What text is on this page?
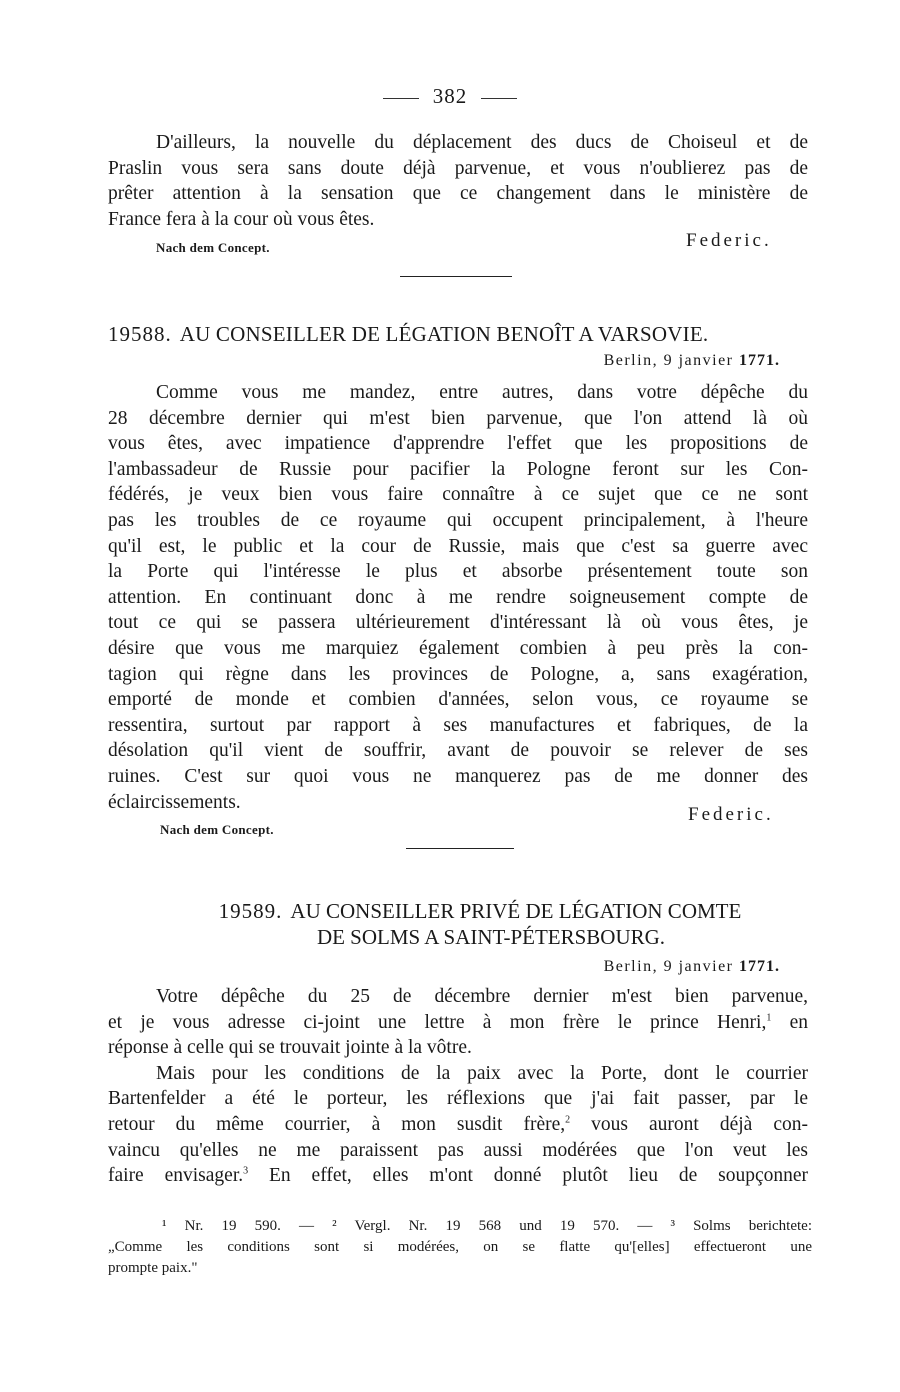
382
D'ailleurs, la nouvelle du déplacement des ducs de Choiseul et de
Praslin vous sera sans doute déjà parvenue, et vous n'oublierez pas de
prêter attention à la sensation que ce changement dans le ministère de
France fera à la cour où vous êtes.
Nach dem Concept.	Federic.
19588. AU CONSEILLER DE LÉGATION BENOÎT A VARSOVIE.
Berlin, 9 janvier 1771.
Comme vous me mandez, entre autres, dans votre dépêche du
28 décembre dernier qui m'est bien parvenue, que l'on attend là où
vous êtes, avec impatience d'apprendre l'effet que les propositions de
l'ambassadeur de Russie pour pacifier la Pologne feront sur les Con-
fédérés, je veux bien vous faire connaître à ce sujet que ce ne sont
pas les troubles de ce royaume qui occupent principalement, à l'heure
qu'il est, le public et la cour de Russie, mais que c'est sa guerre avec
la Porte qui l'intéresse le plus et absorbe présentement toute son
attention. En continuant donc à me rendre soigneusement compte de
tout ce qui se passera ultérieurement d'intéressant là où vous êtes, je
désire que vous me marquiez également combien à peu près la con-
tagion qui règne dans les provinces de Pologne, a, sans exagération,
emporté de monde et combien d'années, selon vous, ce royaume se
ressentira, surtout par rapport à ses manufactures et fabriques, de la
désolation qu'il vient de souffrir, avant de pouvoir se relever de ses
ruines. C'est sur quoi vous ne manquerez pas de me donner des
éclaircissements.
Nach dem Concept.
Federic.
19589. AU CONSEILLER PRIVÉ DE LÉGATION COMTE
DE SOLMS A SAINT-PÉTERSBOURG.
Berlin, 9 janvier 1771.
Votre dépêche du 25 de décembre dernier m'est bien parvenue,
et je vous adresse ci-joint une lettre à mon frère le prince Henri,$^1$ en
réponse à celle qui se trouvait jointe à la vôtre.
Mais pour les conditions de la paix avec la Porte, dont le courrier
Bartenfelder a été le porteur, les réflexions que j'ai fait passer, par le
retour du même courrier, à mon susdit frère,$^2$ vous auront déjà con-
vaincu qu'elles ne me paraissent pas aussi modérées que l'on veut les
faire envisager.$^3$ En effet, elles m'ont donné plutôt lieu de soupçonner
¹ Nr. 19 590. — ² Vergl. Nr. 19 568 und 19 570. — ³ Solms berichtete:
„Comme les conditions sont si modérées, on se flatte qu'[elles] effectueront une
prompte paix."
